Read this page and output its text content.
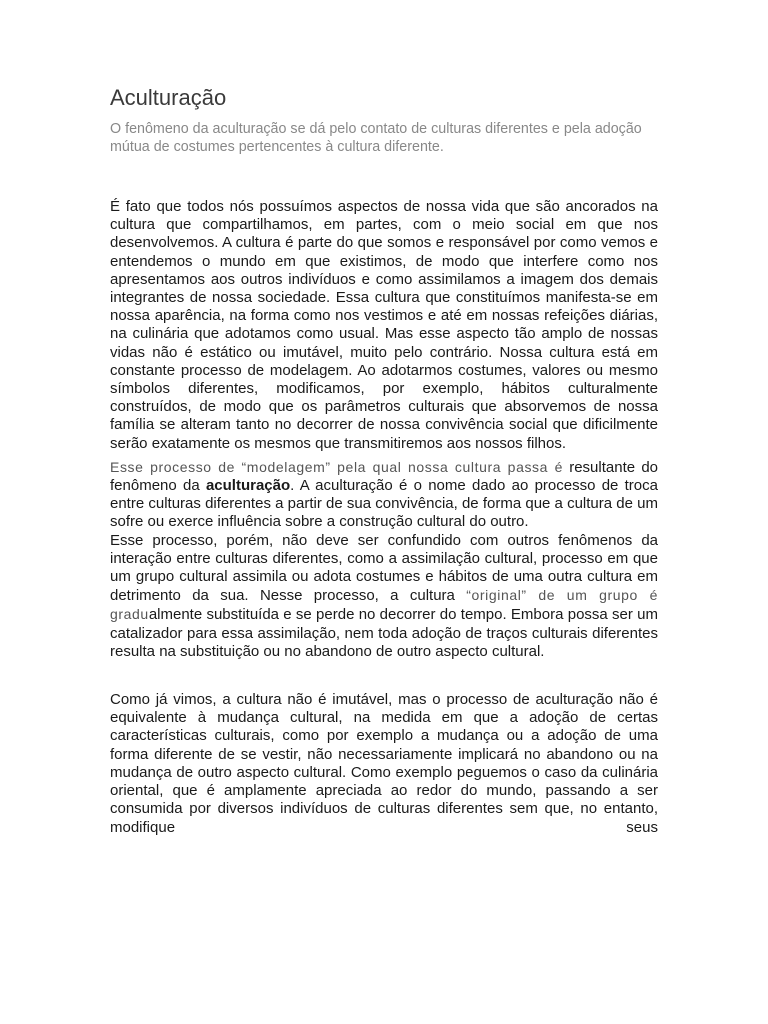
Aculturação

O fenômeno da aculturação se dá pelo contato de culturas diferentes e pela adoção mútua de costumes pertencentes à cultura diferente.

É fato que todos nós possuímos aspectos de nossa vida que são ancorados na cultura que compartilhamos, em partes, com o meio social em que nos desenvolvemos. A cultura é parte do que somos e responsável por como vemos e entendemos o mundo em que existimos, de modo que interfere como nos apresentamos aos outros indivíduos e como assimilamos a imagem dos demais integrantes de nossa sociedade. Essa cultura que constituímos manifesta-se em nossa aparência, na forma como nos vestimos e até em nossas refeições diárias, na culinária que adotamos como usual. Mas esse aspecto tão amplo de nossas vidas não é estático ou imutável, muito pelo contrário. Nossa cultura está em constante processo de modelagem. Ao adotarmos costumes, valores ou mesmo símbolos diferentes, modificamos, por exemplo, hábitos culturalmente construídos, de modo que os parâmetros culturais que absorvemos de nossa família se alteram tanto no decorrer de nossa convivência social que dificilmente serão exatamente os mesmos que transmitiremos aos nossos filhos.

Esse processo de “modelagem” pela qual nossa cultura passa é resultante do fenômeno da aculturação. A aculturação é o nome dado ao processo de troca entre culturas diferentes a partir de sua convivência, de forma que a cultura de um sofre ou exerce influência sobre a construção cultural do outro.

Esse processo, porém, não deve ser confundido com outros fenômenos da interação entre culturas diferentes, como a assimilação cultural, processo em que um grupo cultural assimila ou adota costumes e hábitos de uma outra cultura em detrimento da sua. Nesse processo, a cultura “original” de um grupo é gradualmente substituída e se perde no decorrer do tempo. Embora possa ser um catalizador para essa assimilação, nem toda adoção de traços culturais diferentes resulta na substituição ou no abandono de outro aspecto cultural.

Como já vimos, a cultura não é imutável, mas o processo de aculturação não é equivalente à mudança cultural, na medida em que a adoção de certas características culturais, como por exemplo a mudança ou a adoção de uma forma diferente de se vestir, não necessariamente implicará no abandono ou na mudança de outro aspecto cultural. Como exemplo peguemos o caso da culinária oriental, que é amplamente apreciada ao redor do mundo, passando a ser consumida por diversos indivíduos de culturas diferentes sem que, no entanto, modifique seus
